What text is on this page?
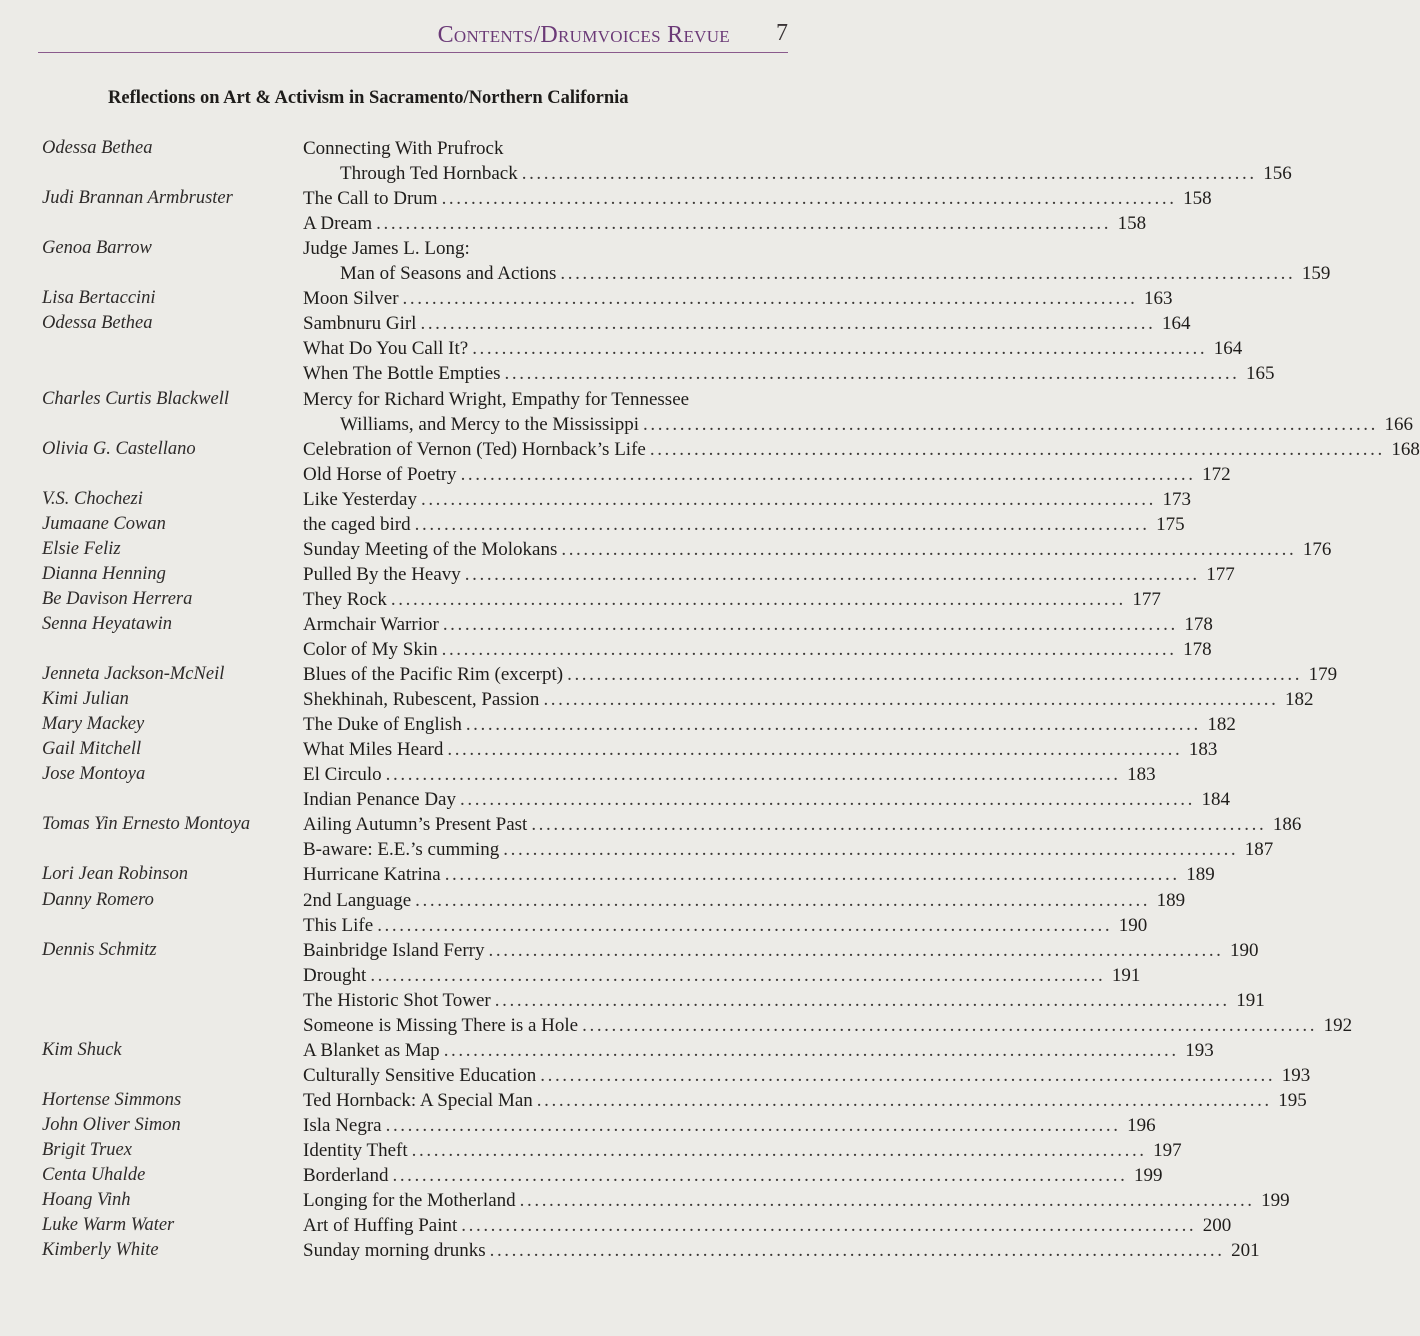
Contents/Drumvoices Revue 7
Reflections on Art & Activism in Sacramento/Northern California
Odessa Bethea	Connecting With Prufrock
Through Ted Hornback .................................................................................................... 156
Judi Brannan Armbruster	The Call to Drum .................................................................................................... 158
A Dream .................................................................................................... 158
Genoa Barrow	Judge James L. Long:
Man of Seasons and Actions .................................................................................................... 159
Lisa Bertaccini	Moon Silver .................................................................................................... 163
Odessa Bethea	Sambnuru Girl .................................................................................................... 164
What Do You Call It? .................................................................................................... 164
When The Bottle Empties .................................................................................................... 165
Charles Curtis Blackwell	Mercy for Richard Wright, Empathy for Tennessee
Williams, and Mercy to the Mississippi .................................................................................................... 166
Olivia G. Castellano	Celebration of Vernon (Ted) Hornback’s Life .................................................................................................... 168
Old Horse of Poetry .................................................................................................... 172
V.S. Chochezi	Like Yesterday .................................................................................................... 173
Jumaane Cowan	the caged bird .................................................................................................... 175
Elsie Feliz	Sunday Meeting of the Molokans .................................................................................................... 176
Dianna Henning	Pulled By the Heavy .................................................................................................... 177
Be Davison Herrera	They Rock .................................................................................................... 177
Senna Heyatawin	Armchair Warrior .................................................................................................... 178
Color of My Skin .................................................................................................... 178
Jenneta Jackson-McNeil	Blues of the Pacific Rim (excerpt) .................................................................................................... 179
Kimi Julian	Shekhinah, Rubescent, Passion .................................................................................................... 182
Mary Mackey	The Duke of English .................................................................................................... 182
Gail Mitchell	What Miles Heard .................................................................................................... 183
Jose Montoya	El Circulo .................................................................................................... 183
Indian Penance Day .................................................................................................... 184
Tomas Yin Ernesto Montoya	Ailing Autumn’s Present Past .................................................................................................... 186
B-aware: E.E.’s cumming .................................................................................................... 187
Lori Jean Robinson	Hurricane Katrina .................................................................................................... 189
Danny Romero	2nd Language .................................................................................................... 189
This Life .................................................................................................... 190
Dennis Schmitz	Bainbridge Island Ferry .................................................................................................... 190
Drought .................................................................................................... 191
The Historic Shot Tower .................................................................................................... 191
Someone is Missing There is a Hole .................................................................................................... 192
Kim Shuck	A Blanket as Map .................................................................................................... 193
Culturally Sensitive Education .................................................................................................... 193
Hortense Simmons	Ted Hornback: A Special Man .................................................................................................... 195
John Oliver Simon	Isla Negra .................................................................................................... 196
Brigit Truex	Identity Theft .................................................................................................... 197
Centa Uhalde	Borderland .................................................................................................... 199
Hoang Vinh	Longing for the Motherland .................................................................................................... 199
Luke Warm Water	Art of Huffing Paint .................................................................................................... 200
Kimberly White	Sunday morning drunks .................................................................................................... 201
